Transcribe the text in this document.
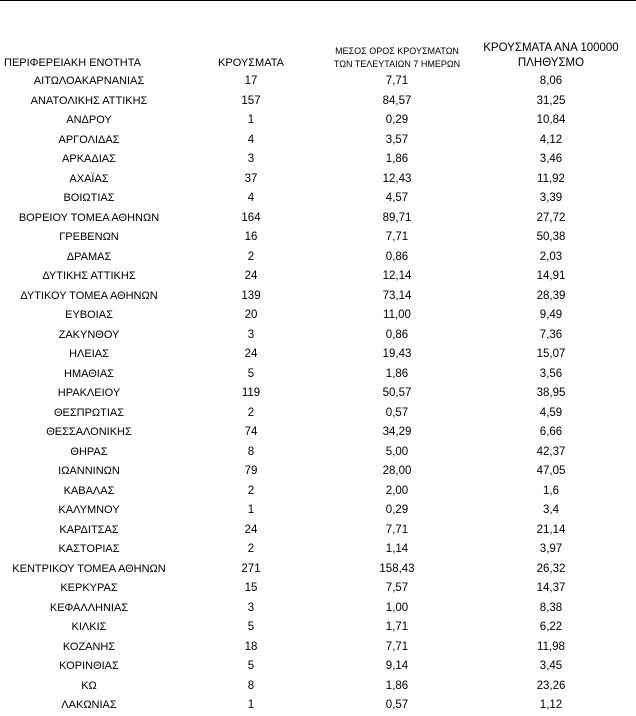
ΠΕΡΙΦΕΡΕΙΑΚΗ ΕΝΟΤΗΤΑ	ΚΡΟΥΣΜΑΤΑ	ΜΕΣΟΣ ΟΡΟΣ ΚΡΟΥΣΜΑΤΩΝ
ΤΩΝ ΤΕΛΕΥΤΑΙΩΝ 7 ΗΜΕΡΩΝ	ΚΡΟΥΣΜΑΤΑ ΑΝΑ 100000
ΠΛΗΘΥΣΜΟ

ΑΙΤΩΛΟΑΚΑΡΝΑΝΙΑΣ	17	7,71	8,06
ΑΝΑΤΟΛΙΚΗΣ ΑΤΤΙΚΗΣ	157	84,57	31,25
ΑΝΔΡΟΥ	1	0,29	10,84
ΑΡΓΟΛΙΔΑΣ	4	3,57	4,12
ΑΡΚΑΔΙΑΣ	3	1,86	3,46
ΑΧΑΪΑΣ	37	12,43	11,92
ΒΟΙΩΤΙΑΣ	4	4,57	3,39
ΒΟΡΕΙΟΥ ΤΟΜΕΑ ΑΘΗΝΩΝ	164	89,71	27,72
ΓΡΕΒΕΝΩΝ	16	7,71	50,38
ΔΡΑΜΑΣ	2	0,86	2,03
ΔΥΤΙΚΗΣ ΑΤΤΙΚΗΣ	24	12,14	14,91
ΔΥΤΙΚΟΥ ΤΟΜΕΑ ΑΘΗΝΩΝ	139	73,14	28,39
ΕΥΒΟΙΑΣ	20	11,00	9,49
ΖΑΚΥΝΘΟΥ	3	0,86	7,36
ΗΛΕΙΑΣ	24	19,43	15,07
ΗΜΑΘΙΑΣ	5	1,86	3,56
ΗΡΑΚΛΕΙΟΥ	119	50,57	38,95
ΘΕΣΠΡΩΤΙΑΣ	2	0,57	4,59
ΘΕΣΣΑΛΟΝΙΚΗΣ	74	34,29	6,66
ΘΗΡΑΣ	8	5,00	42,37
ΙΩΑΝΝΙΝΩΝ	79	28,00	47,05
ΚΑΒΑΛΑΣ	2	2,00	1,6
ΚΑΛΥΜΝΟΥ	1	0,29	3,4
ΚΑΡΔΙΤΣΑΣ	24	7,71	21,14
ΚΑΣΤΟΡΙΑΣ	2	1,14	3,97
ΚΕΝΤΡΙΚΟΥ ΤΟΜΕΑ ΑΘΗΝΩΝ	271	158,43	26,32
ΚΕΡΚΥΡΑΣ	15	7,57	14,37
ΚΕΦΑΛΛΗΝΙΑΣ	3	1,00	8,38
ΚΙΛΚΙΣ	5	1,71	6,22
ΚΟΖΑΝΗΣ	18	7,71	11,98
ΚΟΡΙΝΘΙΑΣ	5	9,14	3,45
ΚΩ	8	1,86	23,26
ΛΑΚΩΝΙΑΣ	1	0,57	1,12
